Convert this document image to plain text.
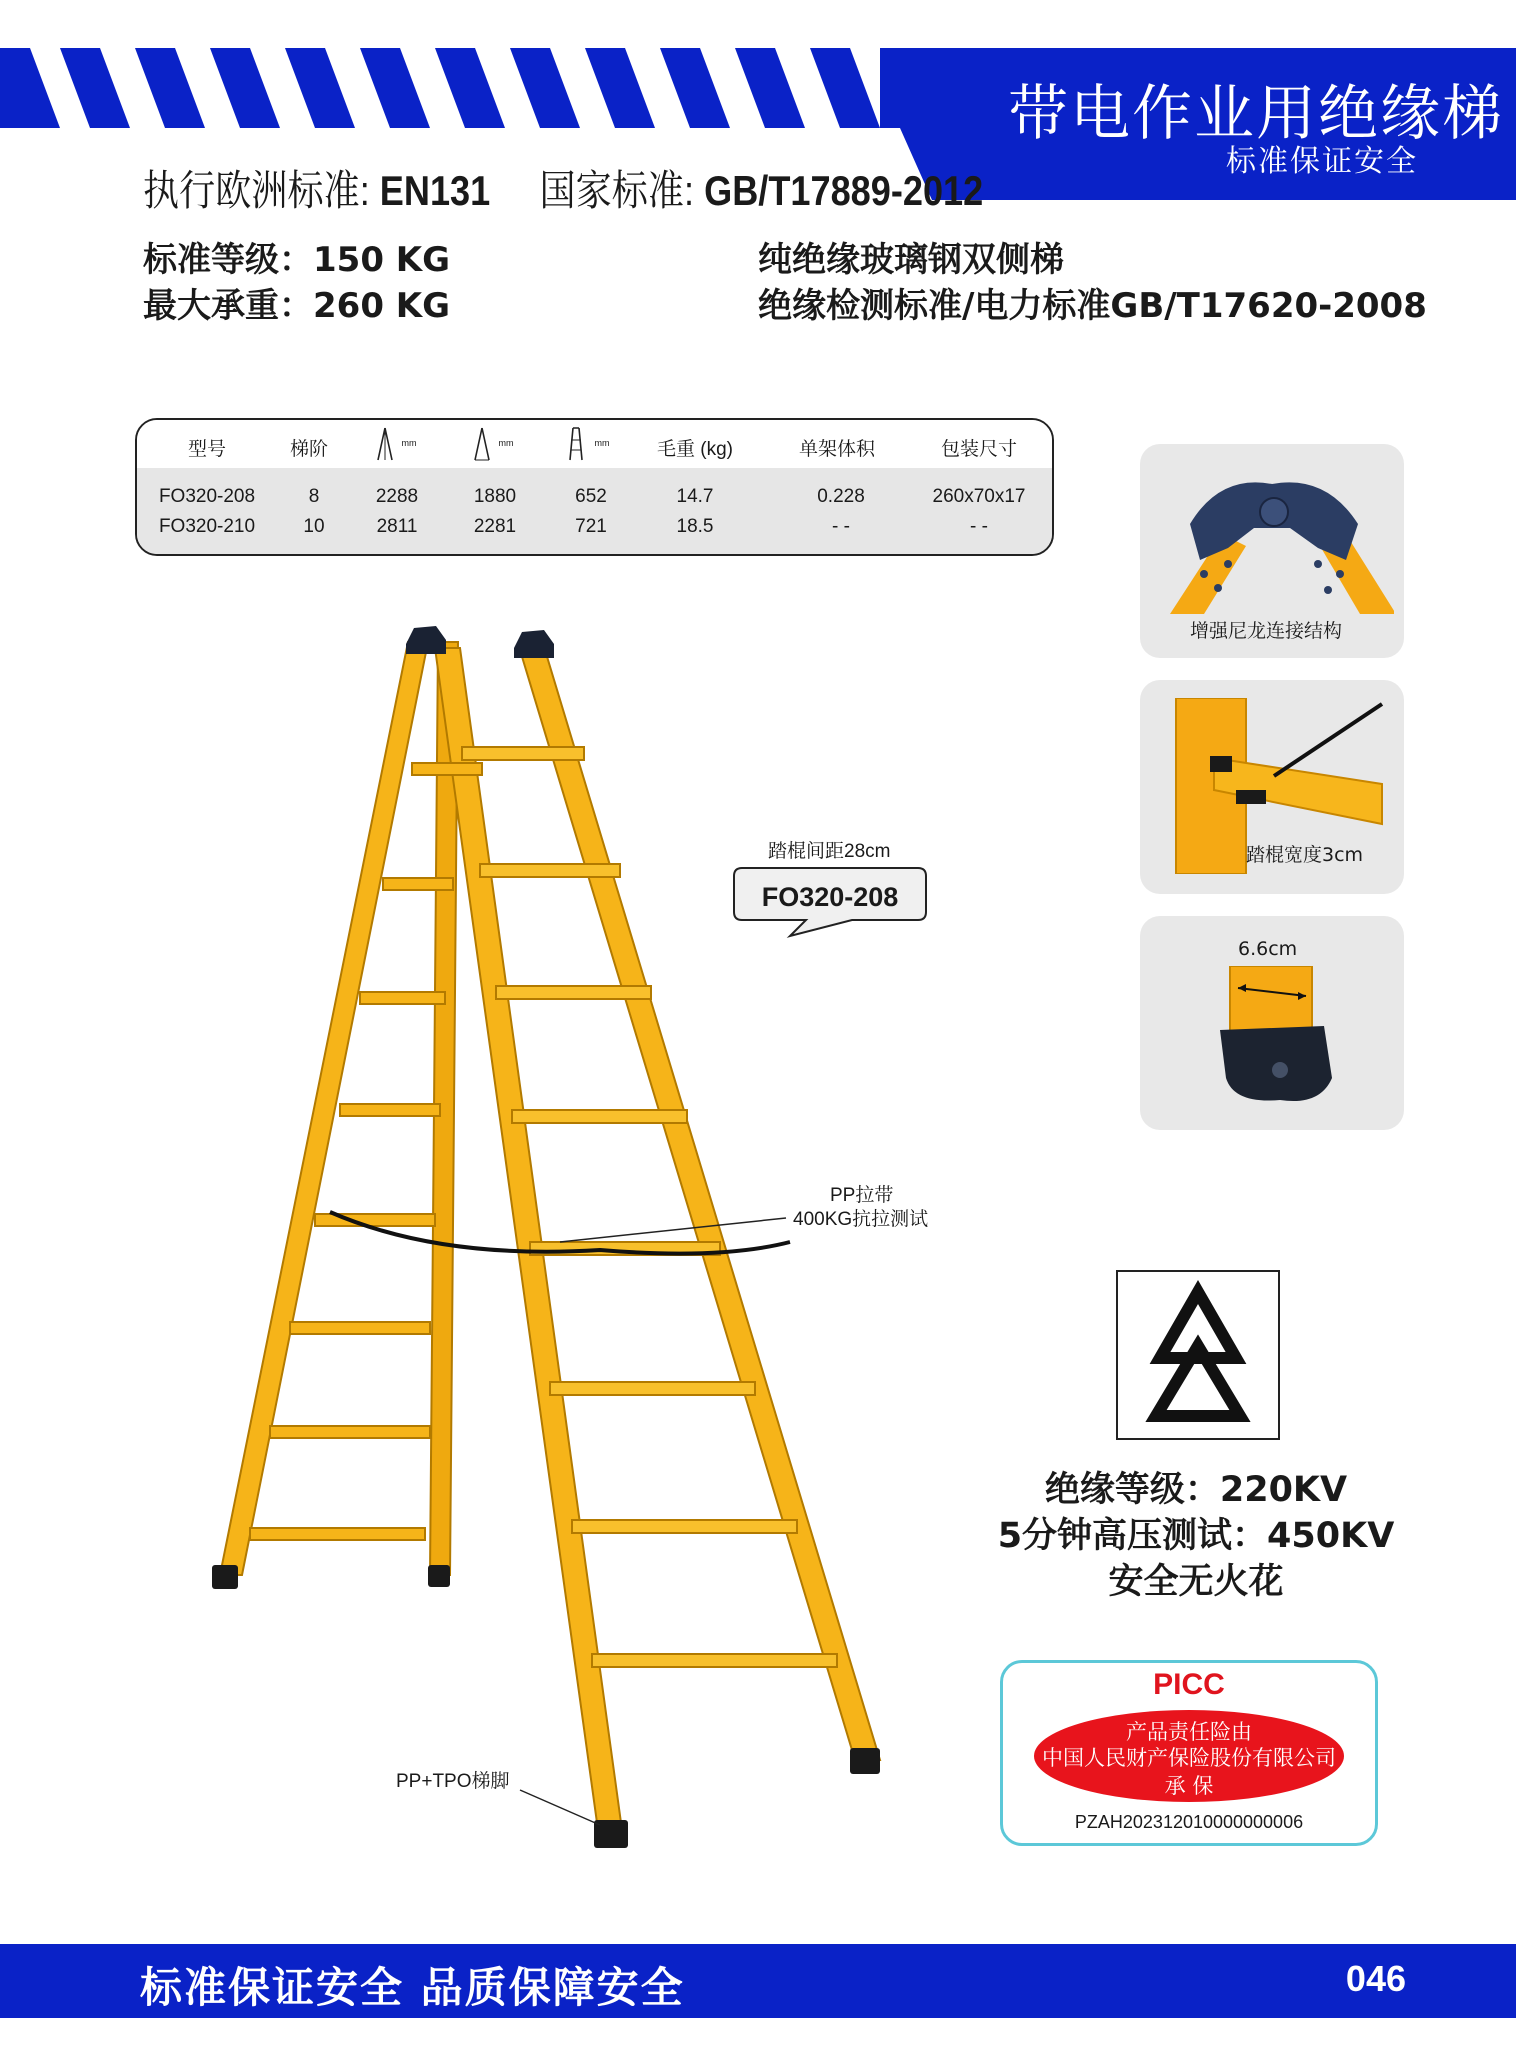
带电作业用绝缘梯
标准保证安全
执行欧洲标准: EN131 国家标准: GB/T17889-2012
标准等级：150 KG
最大承重：260 KG
纯绝缘玻璃钢双侧梯
绝缘检测标准/电力标准GB/T17620-2008
型号	梯阶	mm	mm	mm 毛重 (kg)	单架体积	包装尺寸
FO320-208	8	2288	1880	652	14.7	0.228	260x70x17
FO320-210	10	2811	2281	721	18.5	- -	- -
踏棍间距28cm
FO320-208
PP拉带
400KG抗拉测试
PP+TPO梯脚
增强尼龙连接结构
踏棍宽度3cm
6.6cm
绝缘等级：220KV
5分钟高压测试：450KV
安全无火花
PICC
产品责任险由
中国人民财产保险股份有限公司
承 保
PZAH202312010000000006
标准保证安全 品质保障安全	046
